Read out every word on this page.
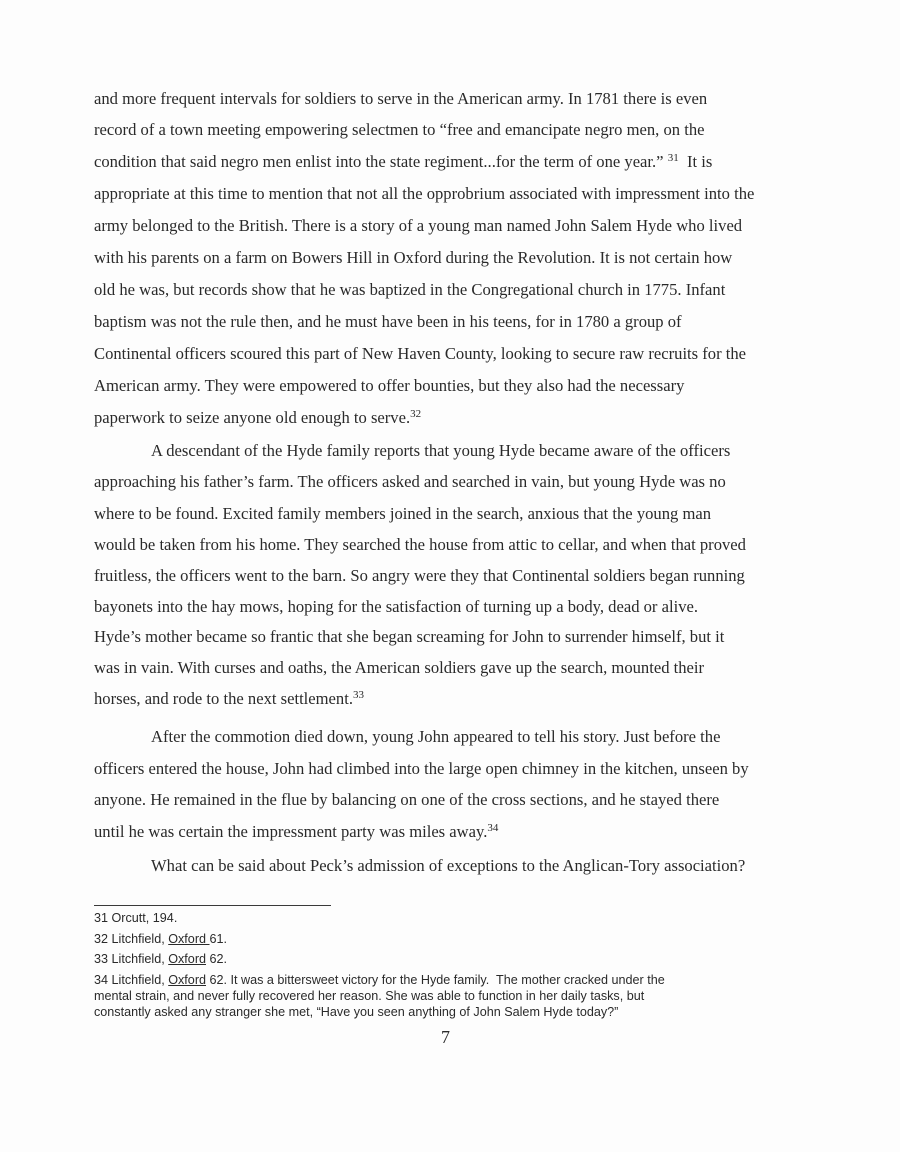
and more frequent intervals for soldiers to serve in the American army. In 1781 there is even
record of a town meeting empowering selectmen to “free and emancipate negro men, on the
condition that said negro men enlist into the state regiment...for the term of one year.” $^{31}$  It is
appropriate at this time to mention that not all the opprobrium associated with impressment into the
army belonged to the British. There is a story of a young man named John Salem Hyde who lived
with his parents on a farm on Bowers Hill in Oxford during the Revolution. It is not certain how
old he was, but records show that he was baptized in the Congregational church in 1775. Infant
baptism was not the rule then, and he must have been in his teens, for in 1780 a group of
Continental officers scoured this part of New Haven County, looking to secure raw recruits for the
American army. They were empowered to offer bounties, but they also had the necessary
paperwork to seize anyone old enough to serve.$^{32}$
A descendant of the Hyde family reports that young Hyde became aware of the officers
approaching his father’s farm. The officers asked and searched in vain, but young Hyde was no
where to be found. Excited family members joined in the search, anxious that the young man
would be taken from his home. They searched the house from attic to cellar, and when that proved
fruitless, the officers went to the barn. So angry were they that Continental soldiers began running
bayonets into the hay mows, hoping for the satisfaction of turning up a body, dead or alive.
Hyde’s mother became so frantic that she began screaming for John to surrender himself, but it
was in vain. With curses and oaths, the American soldiers gave up the search, mounted their
horses, and rode to the next settlement.$^{33}$
After the commotion died down, young John appeared to tell his story. Just before the
officers entered the house, John had climbed into the large open chimney in the kitchen, unseen by
anyone. He remained in the flue by balancing on one of the cross sections, and he stayed there
until he was certain the impressment party was miles away.$^{34}$
What can be said about Peck’s admission of exceptions to the Anglican-Tory association?
31 Orcutt, 194.
32 Litchfield, Oxford 61.
33 Litchfield, Oxford 62.
34 Litchfield, Oxford 62. It was a bittersweet victory for the Hyde family.  The mother cracked under the
mental strain, and never fully recovered her reason. She was able to function in her daily tasks, but
constantly asked any stranger she met, “Have you seen anything of John Salem Hyde today?”
7
